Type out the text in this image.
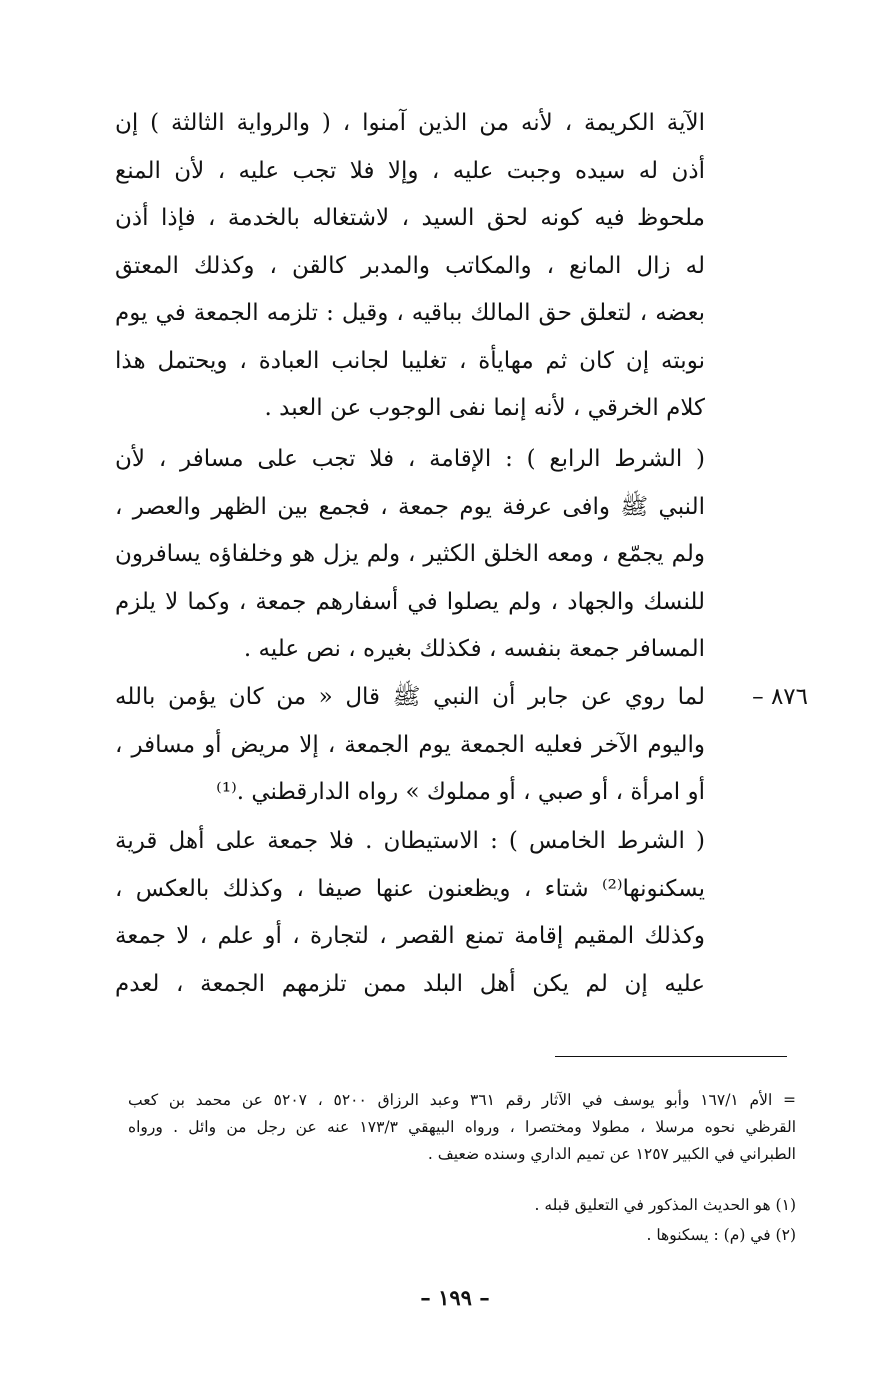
الآية الكريمة ، لأنه من الذين آمنوا ، ( والرواية الثالثة ) إن
أذن له سيده وجبت عليه ، وإلا فلا تجب عليه ، لأن المنع
ملحوظ فيه كونه لحق السيد ، لاشتغاله بالخدمة ، فإذا أذن
له زال المانع ، والمكاتب والمدبر كالقن ، وكذلك المعتق
بعضه ، لتعلق حق المالك بباقيه ، وقيل : تلزمه الجمعة في يوم
نوبته إن كان ثم مهايأة ، تغليبا لجانب العبادة ، ويحتمل هذا
كلام الخرقي ، لأنه إنما نفى الوجوب عن العبد .
( الشرط الرابع ) : الإقامة ، فلا تجب على مسافر ، لأن
النبي ﷺ وافى عرفة يوم جمعة ، فجمع بين الظهر والعصر ،
ولم يجمّع ، ومعه الخلق الكثير ، ولم يزل هو وخلفاؤه يسافرون
للنسك والجهاد ، ولم يصلوا في أسفارهم جمعة ، وكما لا يلزم
المسافر جمعة بنفسه ، فكذلك بغيره ، نص عليه .
٨٧٦ –
لما روي عن جابر أن النبي ﷺ قال « من كان يؤمن بالله
واليوم الآخر فعليه الجمعة يوم الجمعة ، إلا مريض أو مسافر ،
أو امرأة ، أو صبي ، أو مملوك » رواه الدارقطني .⁽¹⁾
( الشرط الخامس ) : الاستيطان . فلا جمعة على أهل قرية
يسكنونها⁽²⁾ شتاء ، ويظعنون عنها صيفا ، وكذلك بالعكس ،
وكذلك المقيم إقامة تمنع القصر ، لتجارة ، أو علم ، لا جمعة
عليه إن لم يكن أهل البلد ممن تلزمهم الجمعة ، لعدم
= الأم ١٦٧/١ وأبو يوسف في الآثار رقم ٣٦١ وعبد الرزاق ٥٢٠٠ ، ٥٢٠٧ عن محمد بن كعب
القرظي نحوه مرسلا ، مطولا ومختصرا ، ورواه البيهقي ١٧٣/٣ عنه عن رجل من وائل . ورواه
الطبراني في الكبير ١٢٥٧ عن تميم الداري وسنده ضعيف .
(١) هو الحديث المذكور في التعليق قبله .
(٢) في (م) : يسكنوها .
– ١٩٩ –
